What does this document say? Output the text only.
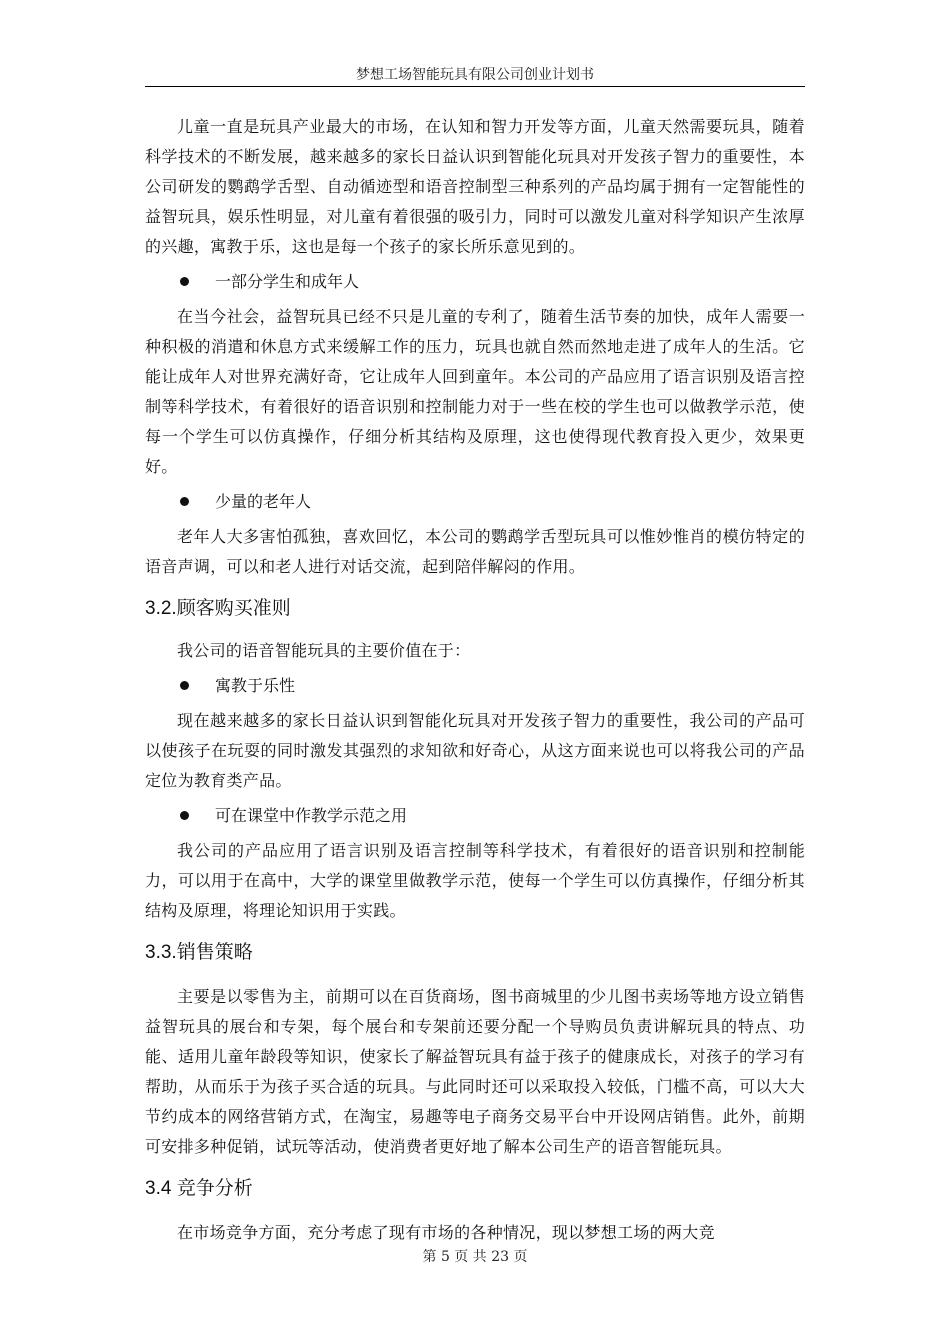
梦想工场智能玩具有限公司创业计划书

儿童一直是玩具产业最大的市场，在认知和智力开发等方面，儿童天然需要玩具，随着科学技术的不断发展，越来越多的家长日益认识到智能化玩具对开发孩子智力的重要性，本公司研发的鹦鹉学舌型、自动循迹型和语音控制型三种系列的产品均属于拥有一定智能性的益智玩具，娱乐性明显，对儿童有着很强的吸引力，同时可以激发儿童对科学知识产生浓厚的兴趣，寓教于乐，这也是每一个孩子的家长所乐意见到的。

一部分学生和成年人

在当今社会，益智玩具已经不只是儿童的专利了，随着生活节奏的加快，成年人需要一种积极的消遣和休息方式来缓解工作的压力，玩具也就自然而然地走进了成年人的生活。它能让成年人对世界充满好奇，它让成年人回到童年。本公司的产品应用了语言识别及语言控制等科学技术，有着很好的语音识别和控制能力对于一些在校的学生也可以做教学示范，使每一个学生可以仿真操作，仔细分析其结构及原理，这也使得现代教育投入更少，效果更好。

少量的老年人

老年人大多害怕孤独，喜欢回忆，本公司的鹦鹉学舌型玩具可以惟妙惟肖的模仿特定的语音声调，可以和老人进行对话交流，起到陪伴解闷的作用。

3.2.顾客购买准则

我公司的语音智能玩具的主要价值在于：

寓教于乐性

现在越来越多的家长日益认识到智能化玩具对开发孩子智力的重要性，我公司的产品可以使孩子在玩耍的同时激发其强烈的求知欲和好奇心，从这方面来说也可以将我公司的产品定位为教育类产品。

可在课堂中作教学示范之用

我公司的产品应用了语言识别及语言控制等科学技术，有着很好的语音识别和控制能力，可以用于在高中，大学的课堂里做教学示范，使每一个学生可以仿真操作，仔细分析其结构及原理，将理论知识用于实践。

3.3.销售策略

主要是以零售为主，前期可以在百货商场，图书商城里的少儿图书卖场等地方设立销售益智玩具的展台和专架，每个展台和专架前还要分配一个导购员负责讲解玩具的特点、功能、适用儿童年龄段等知识，使家长了解益智玩具有益于孩子的健康成长，对孩子的学习有帮助，从而乐于为孩子买合适的玩具。与此同时还可以采取投入较低，门槛不高，可以大大节约成本的网络营销方式，在淘宝，易趣等电子商务交易平台中开设网店销售。此外，前期可安排多种促销，试玩等活动，使消费者更好地了解本公司生产的语音智能玩具。

3.4 竞争分析

在市场竞争方面，充分考虑了现有市场的各种情况，现以梦想工场的两大竞

第 5 页 共 23 页
